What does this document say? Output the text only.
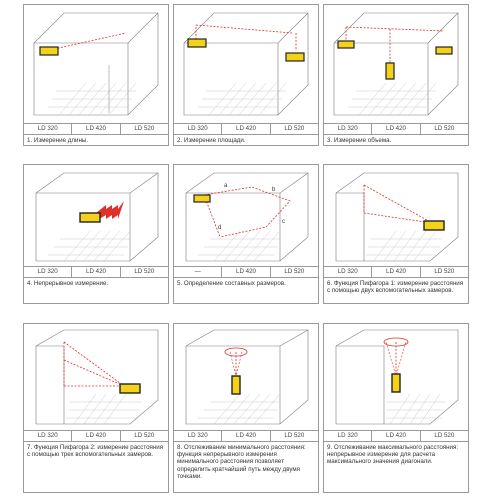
LD 320	LD 420	LD 520
1. Измерение длины.
LD 320	LD 420	LD 520
2. Измерение площади.
LD 320	LD 420	LD 520
3. Измерение объема.
LD 320	LD 420	LD 520
4. Непрерывное измерение.
a
b
c
d
—	LD 420	LD 520
5. Определение составных размеров.
LD 320	LD 420	LD 520
6. Функция Пифагора 1: измерение расстояния с помощью двух вспомогательных замеров.
LD 320	LD 420	LD 520
7. Функция Пифагора 2: измерение расстояния с помощью трех вспомогательных замеров.
LD 320	LD 420	LD 520
8. Отслеживание минимального расстояния: функция непрерывного измерения минимального расстояния позволяет определить кратчайший путь между двумя точками.
LD 320	LD 420	LD 520
9. Отслеживание максимального расстояния: непрерывное измерение для расчета максимального значения диагонали.
